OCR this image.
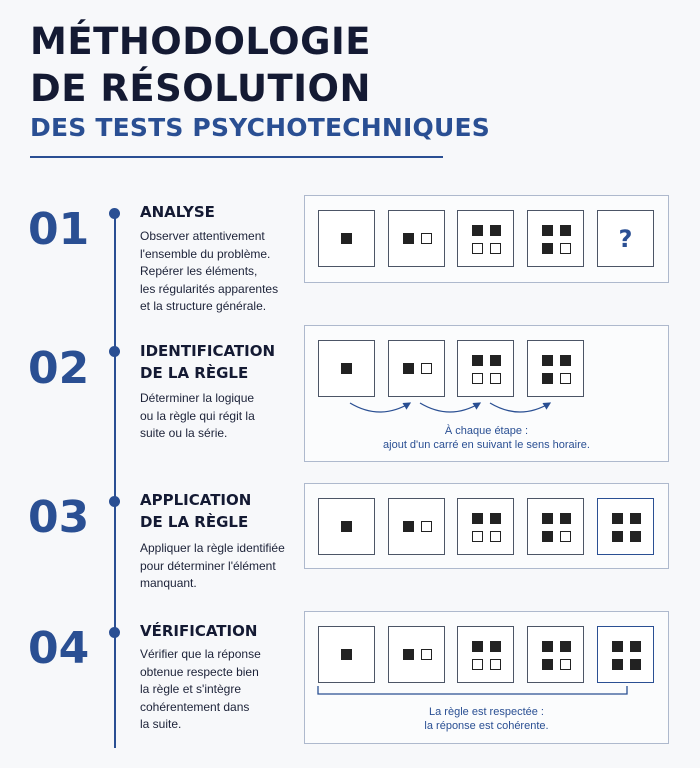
MÉTHODOLOGIE
DE RÉSOLUTION
DES TESTS PSYCHOTECHNIQUES
01	ANALYSE
Observer attentivement
l'ensemble du problème.
Repérer les éléments,
les régularités apparentes
et la structure générale.
?
02	IDENTIFICATION
DE LA RÈGLE
Déterminer la logique
ou la règle qui régit la
suite ou la série.	À chaque étape :
ajout d'un carré en suivant le sens horaire.
03	APPLICATION
DE LA RÈGLE
Appliquer la règle identifiée
pour déterminer l'élément
manquant.
04	VÉRIFICATION
Vérifier que la réponse
obtenue respecte bien
la règle et s'intègre
cohérentement dans
la suite.
La règle est respectée :
la réponse est cohérente.
